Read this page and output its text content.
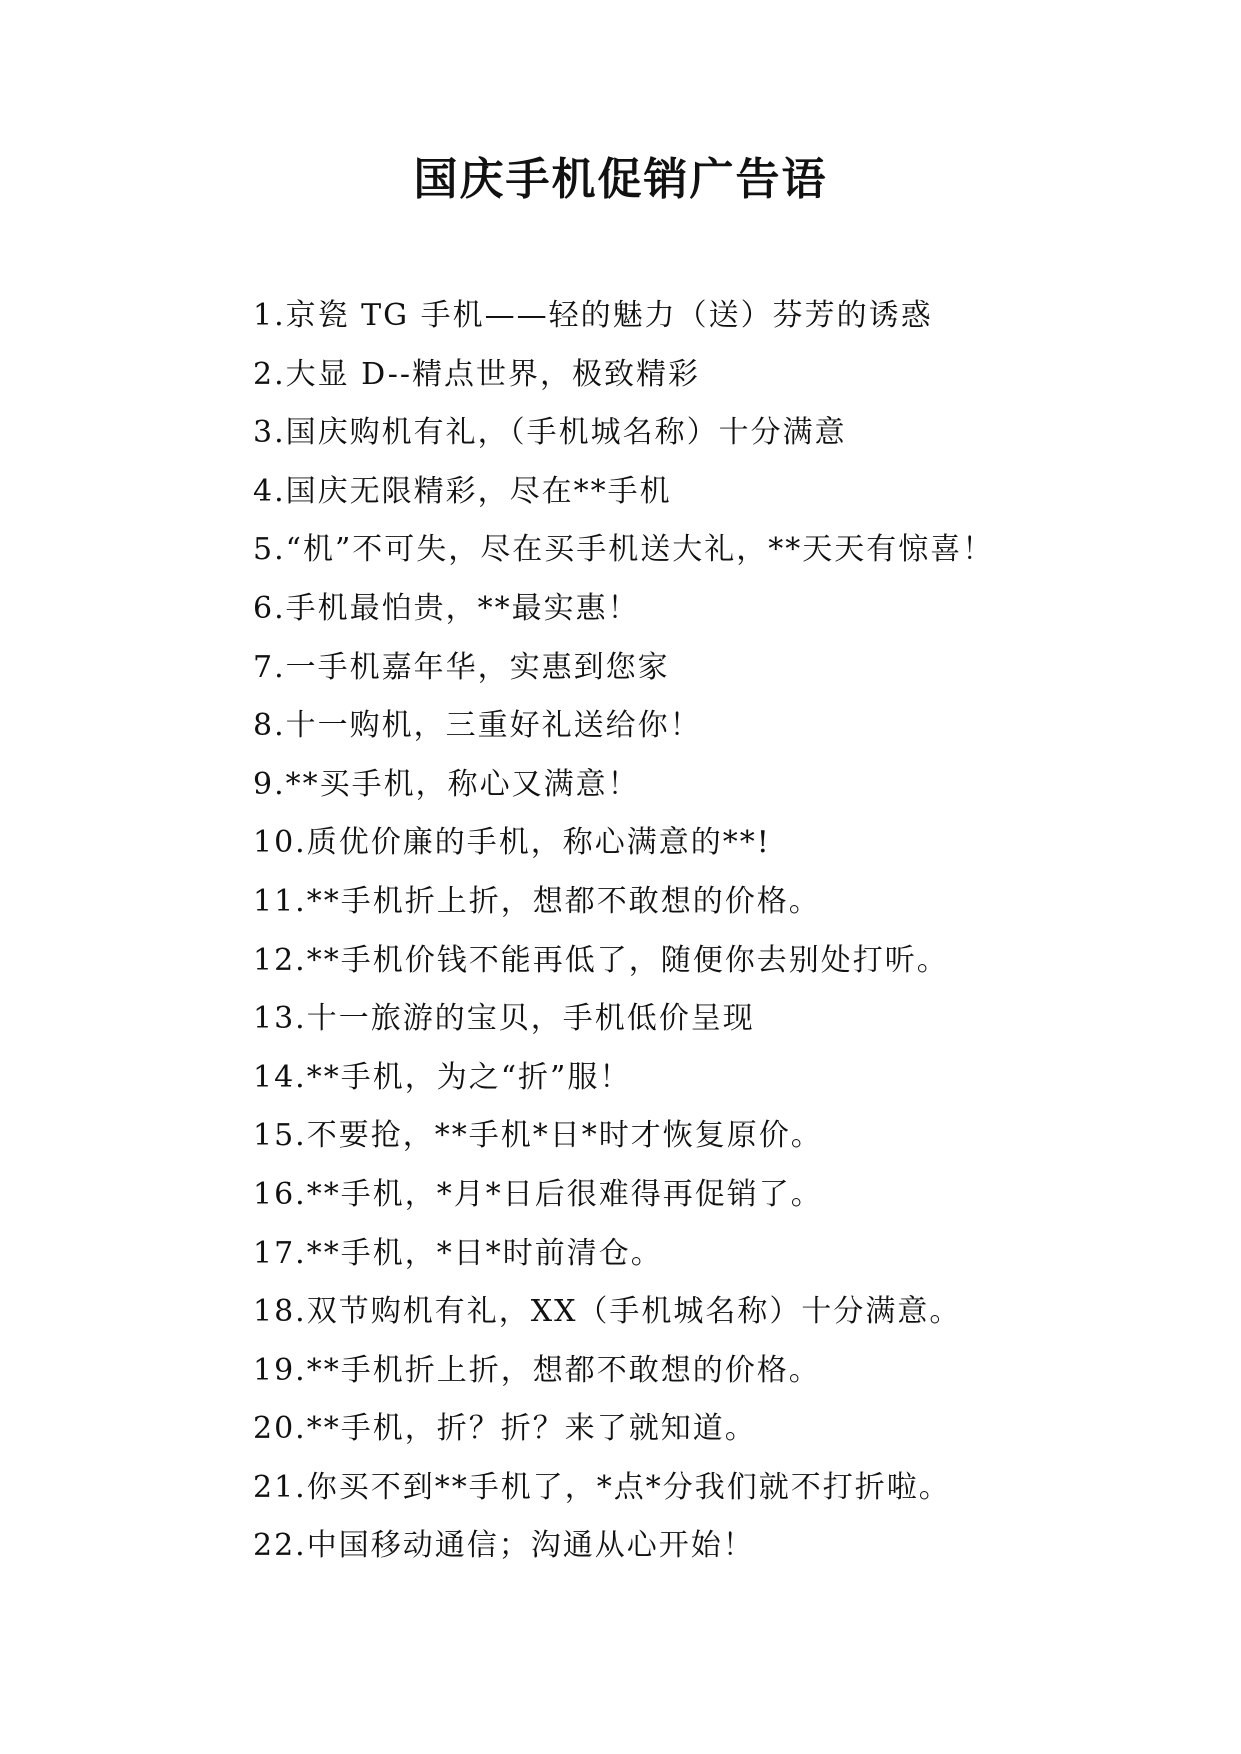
国庆手机促销广告语
1.京瓷 TG 手机——轻的魅力（送）芬芳的诱惑
2.大显 D--精点世界，极致精彩
3.国庆购机有礼，（手机城名称）十分满意
4.国庆无限精彩，尽在**手机
5.“机”不可失，尽在买手机送大礼，**天天有惊喜！
6.手机最怕贵，**最实惠！
7.一手机嘉年华，实惠到您家
8.十一购机，三重好礼送给你！
9.**买手机，称心又满意！
10.质优价廉的手机，称心满意的**!
11.**手机折上折，想都不敢想的价格。
12.**手机价钱不能再低了，随便你去别处打听。
13.十一旅游的宝贝，手机低价呈现
14.**手机，为之“折”服！
15.不要抢，**手机*日*时才恢复原价。
16.**手机，*月*日后很难得再促销了。
17.**手机，*日*时前清仓。
18.双节购机有礼，XX（手机城名称）十分满意。
19.**手机折上折，想都不敢想的价格。
20.**手机，折？折？来了就知道。
21.你买不到**手机了，*点*分我们就不打折啦。
22.中国移动通信；沟通从心开始！
